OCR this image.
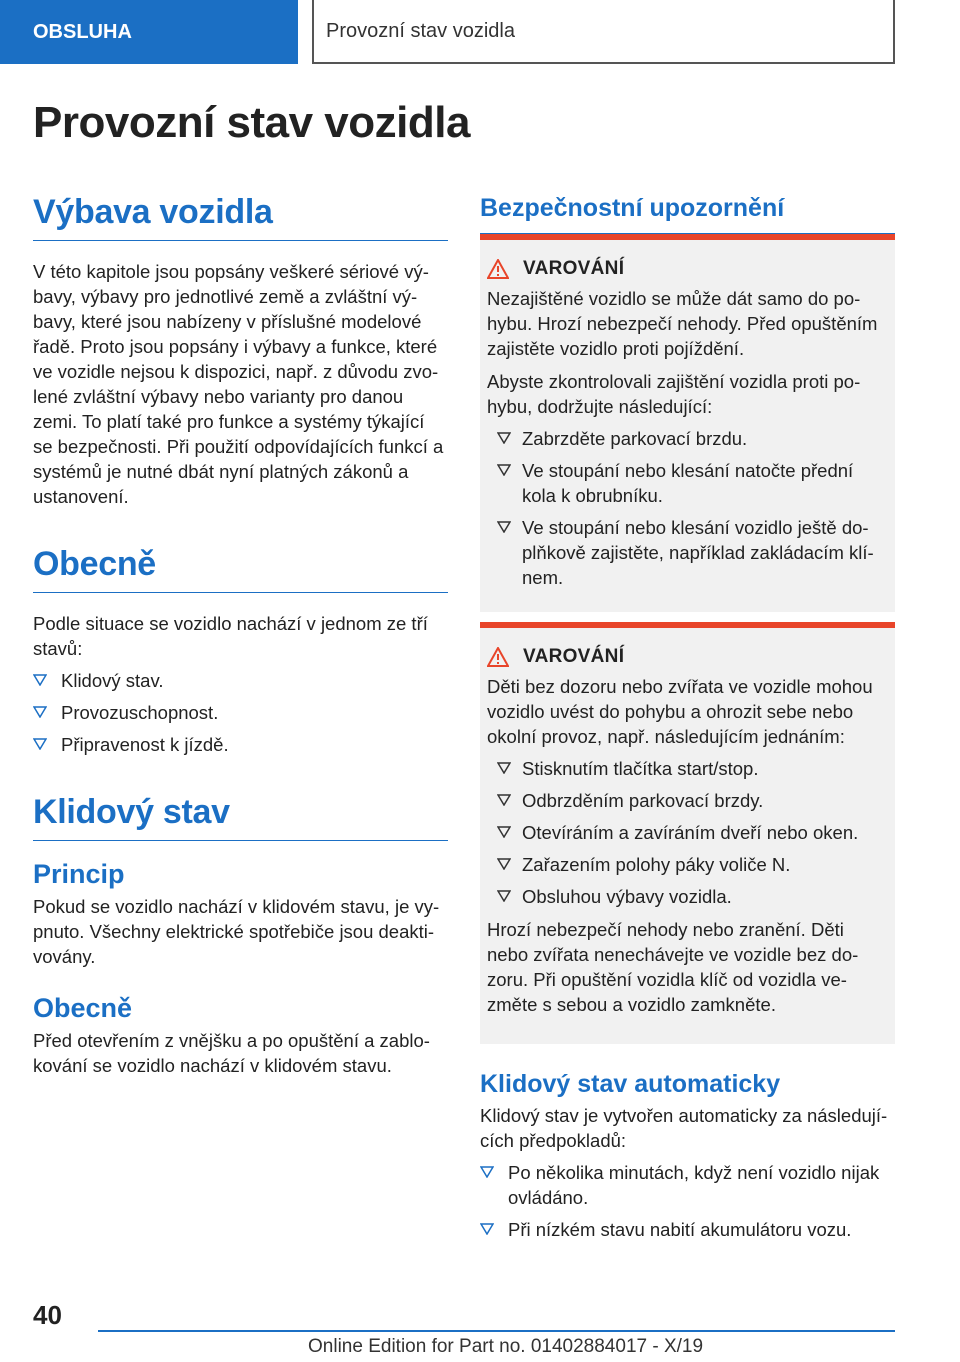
OBSLUHA	Provozní stav vozidla
Provozní stav vozidla
Výbava vozidla

V této kapitole jsou popsány veškeré sériové vý-bavy, výbavy pro jednotlivé země a zvláštní vý-bavy, které jsou nabízeny v příslušné modelové řadě. Proto jsou popsány i výbavy a funkce, které ve vozidle nejsou k dispozici, např. z důvodu zvo-lené zvláštní výbavy nebo varianty pro danou zemi. To platí také pro funkce a systémy týkající se bezpečnosti. Při použití odpovídajících funkcí a systémů je nutné dbát nyní platných zákonů a ustanovení.

Obecně

Podle situace se vozidlo nachází v jednom ze tří stavů:

Klidový stav.
Provozuschopnost.
Připravenost k jízdě.
Klidový stav
Princip

Pokud se vozidlo nachází v klidovém stavu, je vy-pnuto. Všechny elektrické spotřebiče jsou deakti-vovány.

Obecně

Před otevřením z vnějšku a po opuštění a zablo-kování se vozidlo nachází v klidovém stavu.

Bezpečnostní upozornění
VAROVÁNÍ

Nezajištěné vozidlo se může dát samo do po-hybu. Hrozí nebezpečí nehody. Před opuštěním zajistěte vozidlo proti pojíždění.

Abyste zkontrolovali zajištění vozidla proti po-hybu, dodržujte následující:

Zabrzděte parkovací brzdu.
Ve stoupání nebo klesání natočte přední kola k obrubníku.
Ve stoupání nebo klesání vozidlo ještě do-plňkově zajistěte, například zakládacím klí-nem.
VAROVÁNÍ

Děti bez dozoru nebo zvířata ve vozidle mohou vozidlo uvést do pohybu a ohrozit sebe nebo okolní provoz, např. následujícím jednáním:

Stisknutím tlačítka start/stop.
Odbrzděním parkovací brzdy.
Otevíráním a zavíráním dveří nebo oken.
Zařazením polohy páky voliče N.
Obsluhou výbavy vozidla.

Hrozí nebezpečí nehody nebo zranění. Děti nebo zvířata nenechávejte ve vozidle bez do-zoru. Při opuštění vozidla klíč od vozidla ve-změte s sebou a vozidlo zamkněte.

Klidový stav automaticky

Klidový stav je vytvořen automaticky za následují-cích předpokladů:

Po několika minutách, když není vozidlo nijak ovládáno.
Při nízkém stavu nabití akumulátoru vozu.
40
Online Edition for Part no. 01402884017 - X/19
